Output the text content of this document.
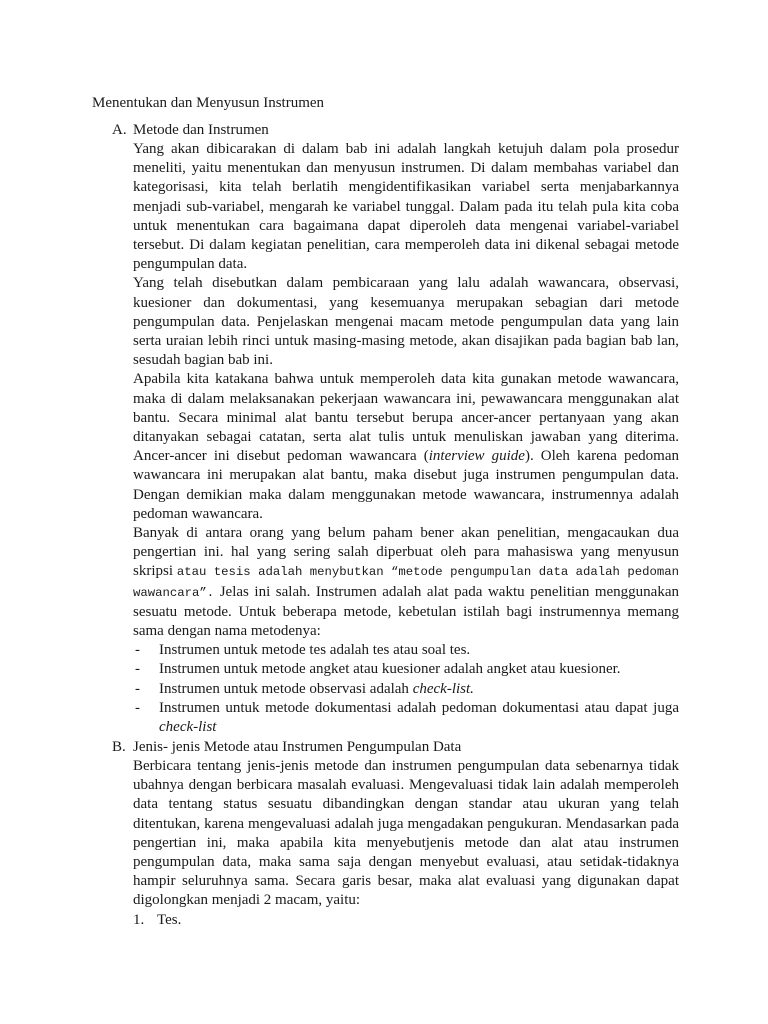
Menentukan dan Menyusun Instrumen
A. Metode dan Instrumen

Yang akan dibicarakan di dalam bab ini adalah langkah ketujuh dalam pola prosedur meneliti, yaitu menentukan dan menyusun instrumen. Di dalam membahas variabel dan kategorisasi, kita telah berlatih mengidentifikasikan variabel serta menjabarkannya menjadi sub-variabel, mengarah ke variabel tunggal. Dalam pada itu telah pula kita coba untuk menentukan cara bagaimana dapat diperoleh data mengenai variabel-variabel tersebut. Di dalam kegiatan penelitian, cara memperoleh data ini dikenal sebagai metode pengumpulan data.

Yang telah disebutkan dalam pembicaraan yang lalu adalah wawancara, observasi, kuesioner dan dokumentasi, yang kesemuanya merupakan sebagian dari metode pengumpulan data. Penjelaskan mengenai macam metode pengumpulan data yang lain serta uraian lebih rinci untuk masing-masing metode, akan disajikan pada bagian bab lan, sesudah bagian bab ini.

Apabila kita katakana bahwa untuk memperoleh data kita gunakan metode wawancara, maka di dalam melaksanakan pekerjaan wawancara ini, pewawancara menggunakan alat bantu. Secara minimal alat bantu tersebut berupa ancer-ancer pertanyaan yang akan ditanyakan sebagai catatan, serta alat tulis untuk menuliskan jawaban yang diterima. Ancer-ancer ini disebut pedoman wawancara (interview guide). Oleh karena pedoman wawancara ini merupakan alat bantu, maka disebut juga instrumen pengumpulan data. Dengan demikian maka dalam menggunakan metode wawancara, instrumennya adalah pedoman wawancara.

Banyak di antara orang yang belum paham bener akan penelitian, mengacaukan dua pengertian ini. hal yang sering salah diperbuat oleh para mahasiswa yang menyusun skripsi atau tesis adalah menybutkan “metode pengumpulan data adalah pedoman wawancara”. Jelas ini salah. Instrumen adalah alat pada waktu penelitian menggunakan sesuatu metode. Untuk beberapa metode, kebetulan istilah bagi instrumennya memang sama dengan nama metodenya:

- Instrumen untuk metode tes adalah tes atau soal tes.
- Instrumen untuk metode angket atau kuesioner adalah angket atau kuesioner.
- Instrumen untuk metode observasi adalah check-list.
- Instrumen untuk metode dokumentasi adalah pedoman dokumentasi atau dapat juga check-list
B. Jenis- jenis Metode atau Instrumen Pengumpulan Data

Berbicara tentang jenis-jenis metode dan instrumen pengumpulan data sebenarnya tidak ubahnya dengan berbicara masalah evaluasi. Mengevaluasi tidak lain adalah memperoleh data tentang status sesuatu dibandingkan dengan standar atau ukuran yang telah ditentukan, karena mengevaluasi adalah juga mengadakan pengukuran. Mendasarkan pada pengertian ini, maka apabila kita menyebutjenis metode dan alat atau instrumen pengumpulan data, maka sama saja dengan menyebut evaluasi, atau setidak-tidaknya hampir seluruhnya sama. Secara garis besar, maka alat evaluasi yang digunakan dapat digolongkan menjadi 2 macam, yaitu:

1. Tes.
